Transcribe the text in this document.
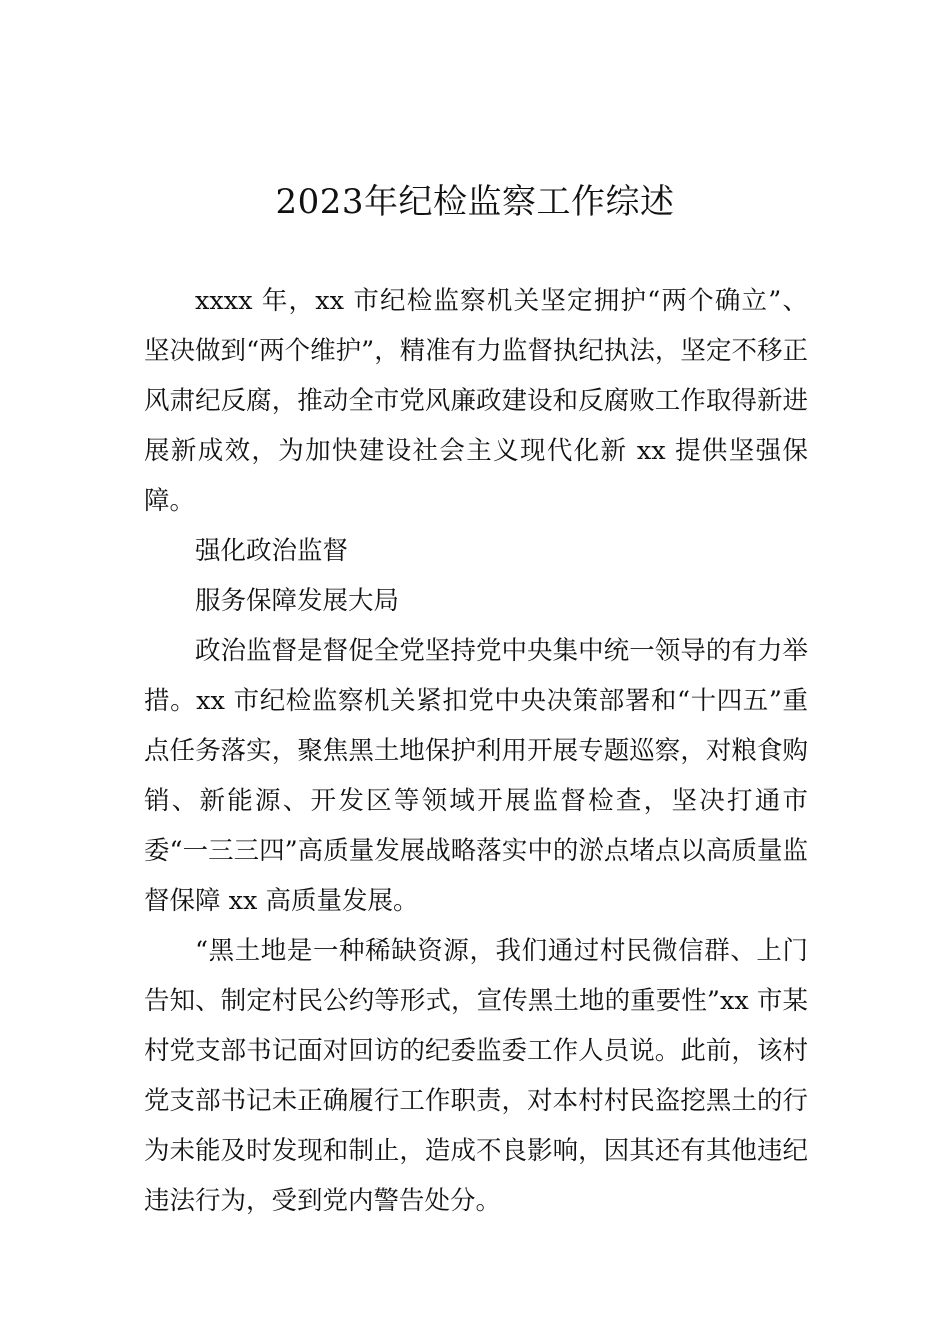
2023年纪检监察工作综述

xxxx 年，xx 市纪检监察机关坚定拥护“两个确立”、坚决做到“两个维护”，精准有力监督执纪执法，坚定不移正风肃纪反腐，推动全市党风廉政建设和反腐败工作取得新进展新成效，为加快建设社会主义现代化新 xx 提供坚强保障。

强化政治监督

服务保障发展大局

政治监督是督促全党坚持党中央集中统一领导的有力举措。xx 市纪检监察机关紧扣党中央决策部署和“十四五”重点任务落实，聚焦黑土地保护利用开展专题巡察，对粮食购销、新能源、开发区等领域开展监督检查，坚决打通市委“一三三四”高质量发展战略落实中的淤点堵点以高质量监督保障 xx 高质量发展。

“黑土地是一种稀缺资源，我们通过村民微信群、上门告知、制定村民公约等形式，宣传黑土地的重要性”xx 市某村党支部书记面对回访的纪委监委工作人员说。此前，该村党支部书记未正确履行工作职责，对本村村民盗挖黑土的行为未能及时发现和制止，造成不良影响，因其还有其他违纪违法行为，受到党内警告处分。
